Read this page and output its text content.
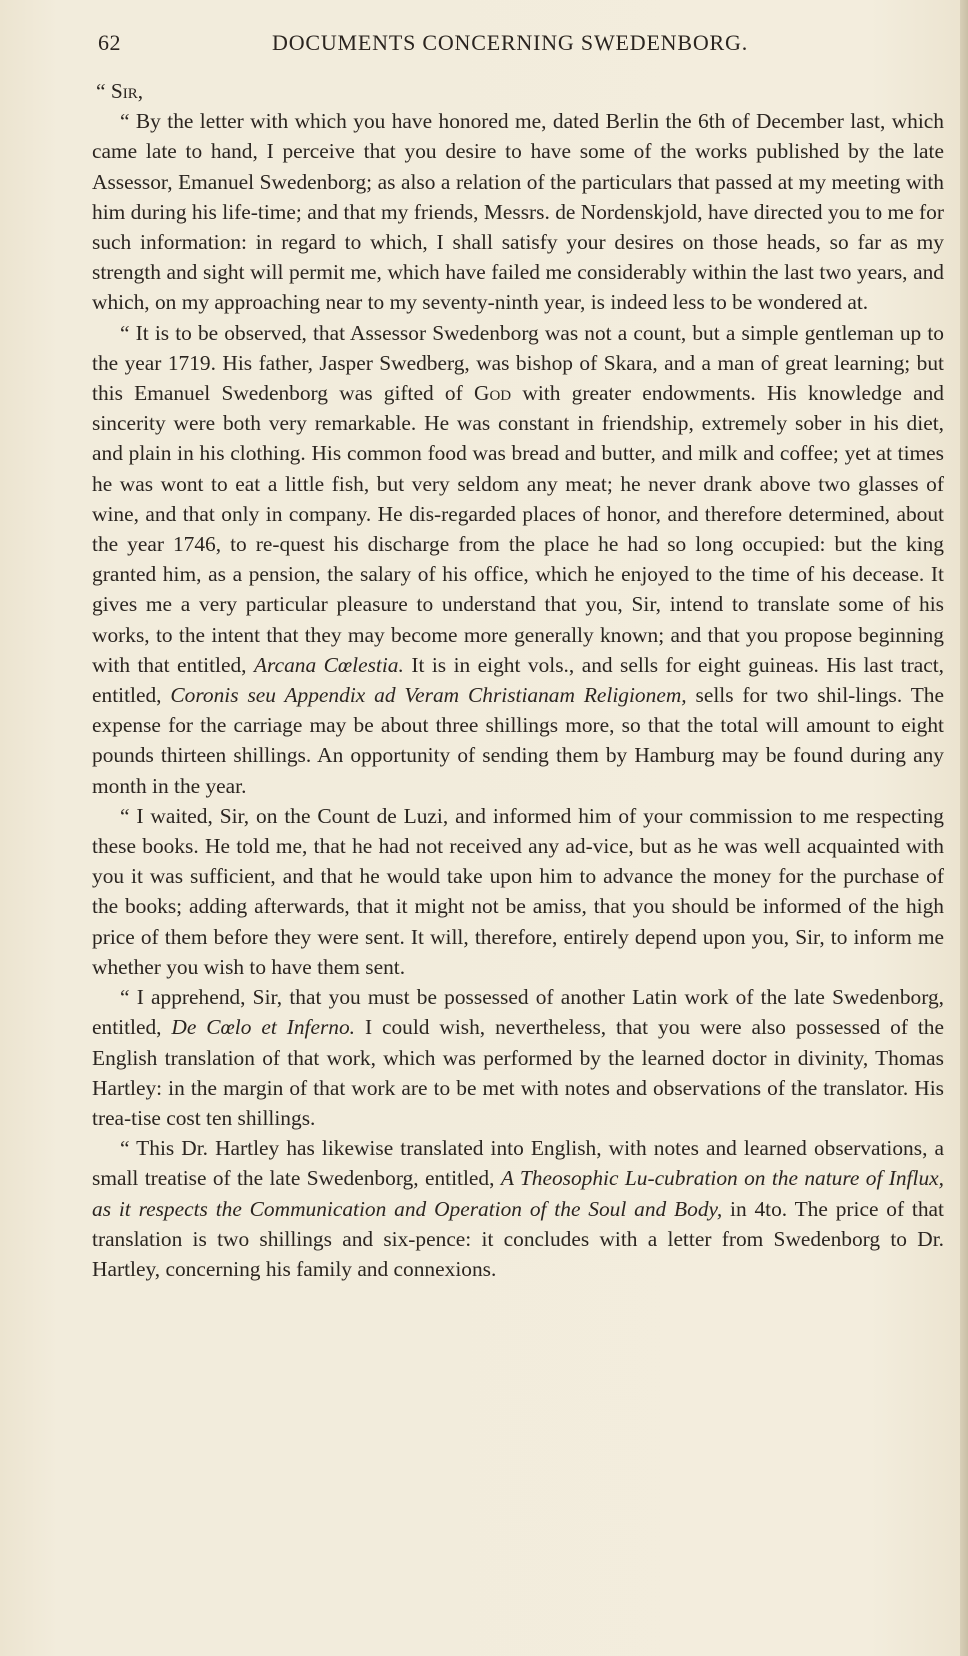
62	DOCUMENTS CONCERNING SWEDENBORG.

“ Sir,

“ By the letter with which you have honored me, dated Berlin the 6th of December last, which came late to hand, I perceive that you desire to have some of the works published by the late Assessor, Emanuel Swedenborg; as also a relation of the particulars that passed at my meeting with him during his life-time; and that my friends, Messrs. de Nordenskjold, have directed you to me for such information: in regard to which, I shall satisfy your desires on those heads, so far as my strength and sight will permit me, which have failed me considerably within the last two years, and which, on my approaching near to my seventy-ninth year, is indeed less to be wondered at.

“ It is to be observed, that Assessor Swedenborg was not a count, but a simple gentleman up to the year 1719. His father, Jasper Swedberg, was bishop of Skara, and a man of great learning; but this Emanuel Swedenborg was gifted of God with greater endowments. His knowledge and sincerity were both very remarkable. He was constant in friendship, extremely sober in his diet, and plain in his clothing. His common food was bread and butter, and milk and coffee; yet at times he was wont to eat a little fish, but very seldom any meat; he never drank above two glasses of wine, and that only in company. He dis-regarded places of honor, and therefore determined, about the year 1746, to re-quest his discharge from the place he had so long occupied: but the king granted him, as a pension, the salary of his office, which he enjoyed to the time of his decease. It gives me a very particular pleasure to understand that you, Sir, intend to translate some of his works, to the intent that they may become more generally known; and that you propose beginning with that entitled, Arcana Cœlestia. It is in eight vols., and sells for eight guineas. His last tract, entitled, Coronis seu Appendix ad Veram Christianam Religionem, sells for two shil-lings. The expense for the carriage may be about three shillings more, so that the total will amount to eight pounds thirteen shillings. An opportunity of sending them by Hamburg may be found during any month in the year.

“ I waited, Sir, on the Count de Luzi, and informed him of your commission to me respecting these books. He told me, that he had not received any ad-vice, but as he was well acquainted with you it was sufficient, and that he would take upon him to advance the money for the purchase of the books; adding afterwards, that it might not be amiss, that you should be informed of the high price of them before they were sent. It will, therefore, entirely depend upon you, Sir, to inform me whether you wish to have them sent.

“ I apprehend, Sir, that you must be possessed of another Latin work of the late Swedenborg, entitled, De Cœlo et Inferno. I could wish, nevertheless, that you were also possessed of the English translation of that work, which was performed by the learned doctor in divinity, Thomas Hartley: in the margin of that work are to be met with notes and observations of the translator. His trea-tise cost ten shillings.

“ This Dr. Hartley has likewise translated into English, with notes and learned observations, a small treatise of the late Swedenborg, entitled, A Theosophic Lu-cubration on the nature of Influx, as it respects the Communication and Operation of the Soul and Body, in 4to. The price of that translation is two shillings and six-pence: it concludes with a letter from Swedenborg to Dr. Hartley, concerning his family and connexions.
